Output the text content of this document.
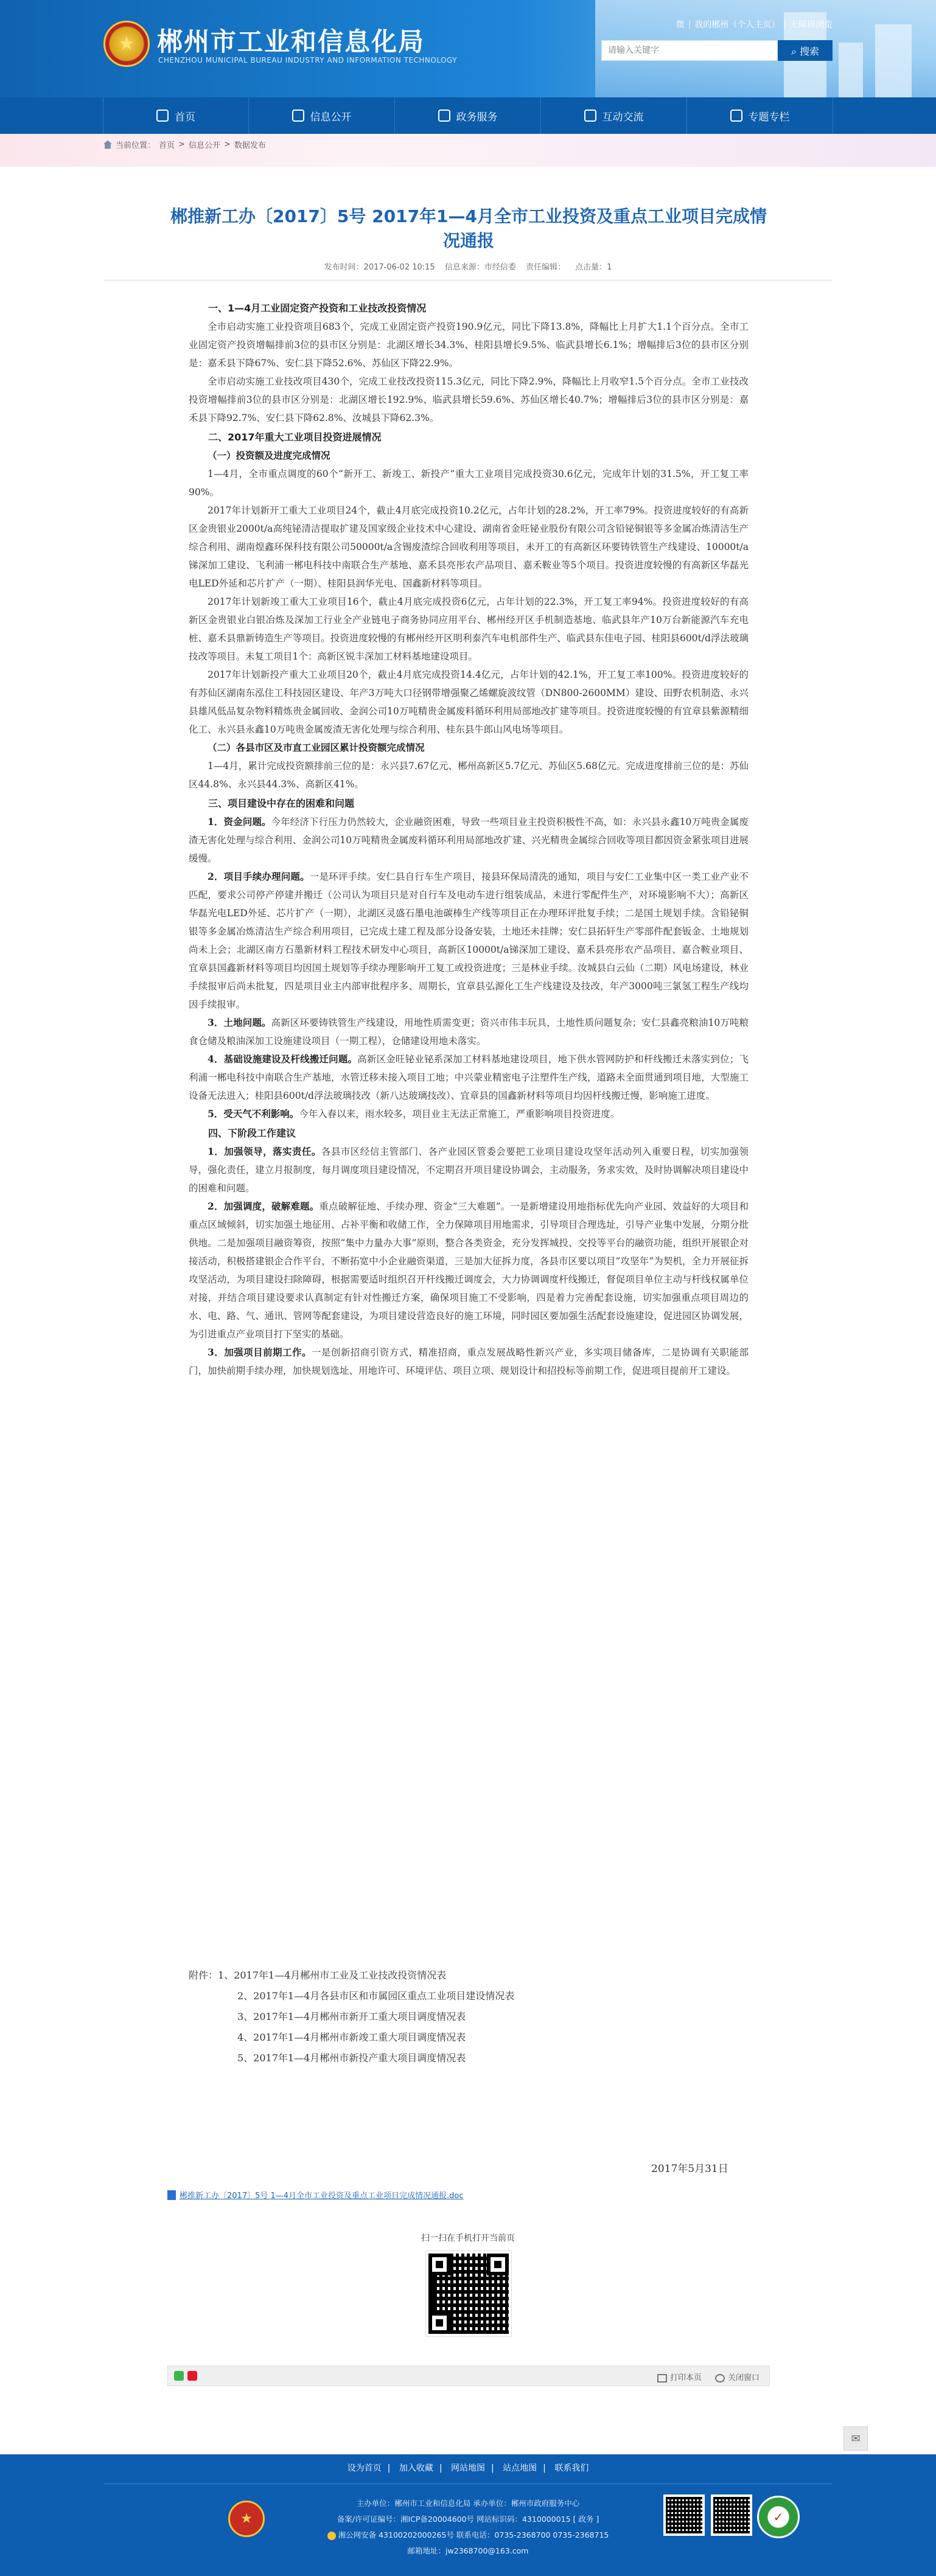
★ 郴州市工业和信息化局
CHENZHOU MUNICIPAL BUREAU INDUSTRY AND INFORMATION TECHNOLOGY
微 | 我的郴州（个人主页） | 无障碍浏览
请输入关键字
⌕ 搜索
首页	信息公开	政务服务	互动交流	专题专栏
当前位置： 首页 > 信息公开 > 数据发布
郴推新工办〔2017〕5号 2017年1—4月全市工业投资及重点工业项目完成情况通报
发布时间：2017-06-02 10:15 信息来源：市经信委 责任编辑： 点击量：1

一、1—4月工业固定资产投资和工业技改投资情况

全市启动实施工业投资项目683个，完成工业固定资产投资190.9亿元，同比下降13.8%，降幅比上月扩大1.1个百分点。全市工业固定资产投资增幅排前3位的县市区分别是：北湖区增长34.3%、桂阳县增长9.5%、临武县增长6.1%；增幅排后3位的县市区分别是：嘉禾县下降67%、安仁县下降52.6%、苏仙区下降22.9%。

全市启动实施工业技改项目430个，完成工业技改投资115.3亿元，同比下降2.9%，降幅比上月收窄1.5个百分点。全市工业技改投资增幅排前3位的县市区分别是：北湖区增长192.9%、临武县增长59.6%、苏仙区增长40.7%；增幅排后3位的县市区分别是：嘉禾县下降92.7%、安仁县下降62.8%、汝城县下降62.3%。

二、2017年重大工业项目投资进展情况

（一）投资额及进度完成情况

1—4月，全市重点调度的60个“新开工、新竣工、新投产”重大工业项目完成投资30.6亿元，完成年计划的31.5%，开工复工率90%。

2017年计划新开工重大工业项目24个，截止4月底完成投资10.2亿元，占年计划的28.2%，开工率79%。投资进度较好的有高新区金贵银业2000t/a高纯铋清洁提取扩建及国家级企业技术中心建设、湖南省金旺铋业股份有限公司含铅铋铜银等多金属冶炼清洁生产综合利用、湖南煌鑫环保科技有限公司50000t/a含锡废渣综合回收利用等项目，未开工的有高新区环要铸铁管生产线建设、10000t/a锑深加工建设、飞利浦一郴电科技中南联合生产基地、嘉禾县亮彤农产品项目、嘉禾鞍业等5个项目。投资进度较慢的有高新区华磊光电LED外延和芯片扩产（一期）、桂阳县润华光电、国鑫新材料等项目。

2017年计划新竣工重大工业项目16个，截止4月底完成投资6亿元，占年计划的22.3%，开工复工率94%。投资进度较好的有高新区金贵银业白银冶炼及深加工行业全产业链电子商务协同应用平台、郴州经开区手机制造基地、临武县年产10万台新能源汽车充电桩、嘉禾县鼎新铸造生产等项目。投资进度较慢的有郴州经开区明利泰汽车电机部件生产、临武县东佳电子园、桂阳县600t/d浮法玻璃技改等项目。未复工项目1个：高新区锐丰深加工材料基地建设项目。

2017年计划新投产重大工业项目20个，截止4月底完成投资14.4亿元，占年计划的42.1%，开工复工率100%。投资进度较好的有苏仙区湖南东泓住工科技园区建设、年产3万吨大口径钢带增强聚乙烯螺旋波纹管（DN800-2600MM）建设、田野农机制造、永兴县雄风低品复杂物料精炼贵金属回收、金润公司10万吨精贵金属废料循环利用局部地改扩建等项目。投资进度较慢的有宜章县紫源精细化工、永兴县永鑫10万吨贵金属废渣无害化处理与综合利用、桂东县牛郎山风电场等项目。

（二）各县市区及市直工业园区累计投资额完成情况

1—4月，累计完成投资额排前三位的是：永兴县7.67亿元、郴州高新区5.7亿元、苏仙区5.68亿元。完成进度排前三位的是：苏仙区44.8%、永兴县44.3%、高新区41%。

三、项目建设中存在的困难和问题

1．资金问题。今年经济下行压力仍然较大，企业融资困难，导致一些项目业主投资积极性不高，如：永兴县永鑫10万吨贵金属废渣无害化处理与综合利用、金润公司10万吨精贵金属废料循环利用局部地改扩建、兴光精贵金属综合回收等项目都因资金紧张项目进展缓慢。

2．项目手续办理问题。一是环评手续。安仁县自行车生产项目，接县环保局清洗的通知，项目与安仁工业集中区一类工业产业不匹配，要求公司停产停建并搬迁（公司认为项目只是对自行车及电动车进行组装成品，未进行零配件生产，对环境影响不大）；高新区华磊光电LED外延、芯片扩产（一期），北湖区灵盛石墨电池碳棒生产线等项目正在办理环评批复手续；二是国土规划手续。含铅铋铜银等多金属冶炼清洁生产综合利用项目，已完成土建工程及部分设备安装，土地还未挂牌；安仁县拓轩生产零部件配套钣金、土地规划尚未上会；北湖区南方石墨新材料工程技术研发中心项目，高新区10000t/a锑深加工建设、嘉禾县亮彤农产品项目、嘉合鞍业项目、宜章县国鑫新材料等项目均因国土规划等手续办理影响开工复工或投资进度；三是林业手续。汝城县白云仙（二期）风电场建设，林业手续报审后尚未批复，四是项目业主内部审批程序多、周期长，宜章县弘源化工生产线建设及技改，年产3000吨三氯氢工程生产线均因手续报审。

3．土地问题。高新区环要铸铁管生产线建设，用地性质需变更；资兴市伟丰玩具，土地性质问题复杂；安仁县鑫亮粮油10万吨粮食仓储及粮油深加工设施建设项目（一期工程），仓储建设用地未落实。

4．基础设施建设及杆线搬迁问题。高新区金旺铋业铋系深加工材料基地建设项目，地下供水管网防护和杆线搬迁未落实到位；飞利浦一郴电科技中南联合生产基地，水管迁移未接入项目工地；中兴蒙业精密电子注塑件生产线，道路未全面贯通到项目地，大型施工设备无法进入；桂阳县600t/d浮法玻璃技改（新八达玻璃技改）、宜章县的国鑫新材料等项目均因杆线搬迁慢，影响施工进度。

5．受天气不利影响。今年入春以来，雨水较多，项目业主无法正常施工，严重影响项目投资进度。

四、下阶段工作建议

1．加强领导，落实责任。各县市区经信主管部门、各产业园区管委会要把工业项目建设攻坚年活动列入重要日程，切实加强领导，强化责任，建立月报制度，每月调度项目建设情况，不定期召开项目建设协调会，主动服务，务求实效，及时协调解决项目建设中的困难和问题。

2．加强调度，破解难题。重点破解征地、手续办理、资金“三大难题”。一是新增建设用地指标优先向产业园、效益好的大项目和重点区域倾斜，切实加强土地征用、占补平衡和收储工作，全力保障项目用地需求，引导项目合理选址，引导产业集中发展，分期分批供地。二是加强项目融资筹资，按照“集中力量办大事”原则，整合各类资金，充分发挥城投、交投等平台的融资功能，组织开展银企对接活动，积极搭建银企合作平台，不断拓宽中小企业融资渠道，三是加大征拆力度，各县市区要以项目“攻坚年”为契机，全力开展征拆攻坚活动，为项目建设扫除障碍，根据需要适时组织召开杆线搬迁调度会，大力协调调度杆线搬迁，督促项目单位主动与杆线权属单位对接，并结合项目建设要求认真制定有针对性搬迁方案，确保项目施工不受影响，四是着力完善配套设施，切实加强重点项目周边的水、电、路、气、通讯、管网等配套建设，为项目建设营造良好的施工环境，同时园区要加强生活配套设施建设，促进园区协调发展，为引进重点产业项目打下坚实的基础。

3．加强项目前期工作。一是创新招商引资方式，精准招商，重点发展战略性新兴产业，多实项目储备库，二是协调有关职能部门，加快前期手续办理，加快规划选址、用地许可、环境评估、项目立项、规划设计和招投标等前期工作，促进项目提前开工建设。

附件：1、2017年1—4月郴州市工业及工业技改投资情况表
2、2017年1—4月各县市区和市属园区重点工业项目建设情况表
3、2017年1—4月郴州市新开工重大项目调度情况表
4、2017年1—4月郴州市新竣工重大项目调度情况表
5、2017年1—4月郴州市新投产重大项目调度情况表
2017年5月31日
郴推新工办〔2017〕5号 1—4月全市工业投资及重点工业项目完成情况通报.doc
扫一扫在手机打开当前页
打印本页	关闭窗口
✉
设为首页 | 加入收藏 | 网站地图 | 站点地图 | 联系我们
★
主办单位：郴州市工业和信息化局 承办单位：郴州市政府服务中心
备案/许可证编号：湘ICP备20004600号 网站标识码：4310000015 [ 政务 ]
湘公网安备 43100202000265号 联系电话：0735-2368700 0735-2368715
邮箱地址：jw2368700@163.com
✓
